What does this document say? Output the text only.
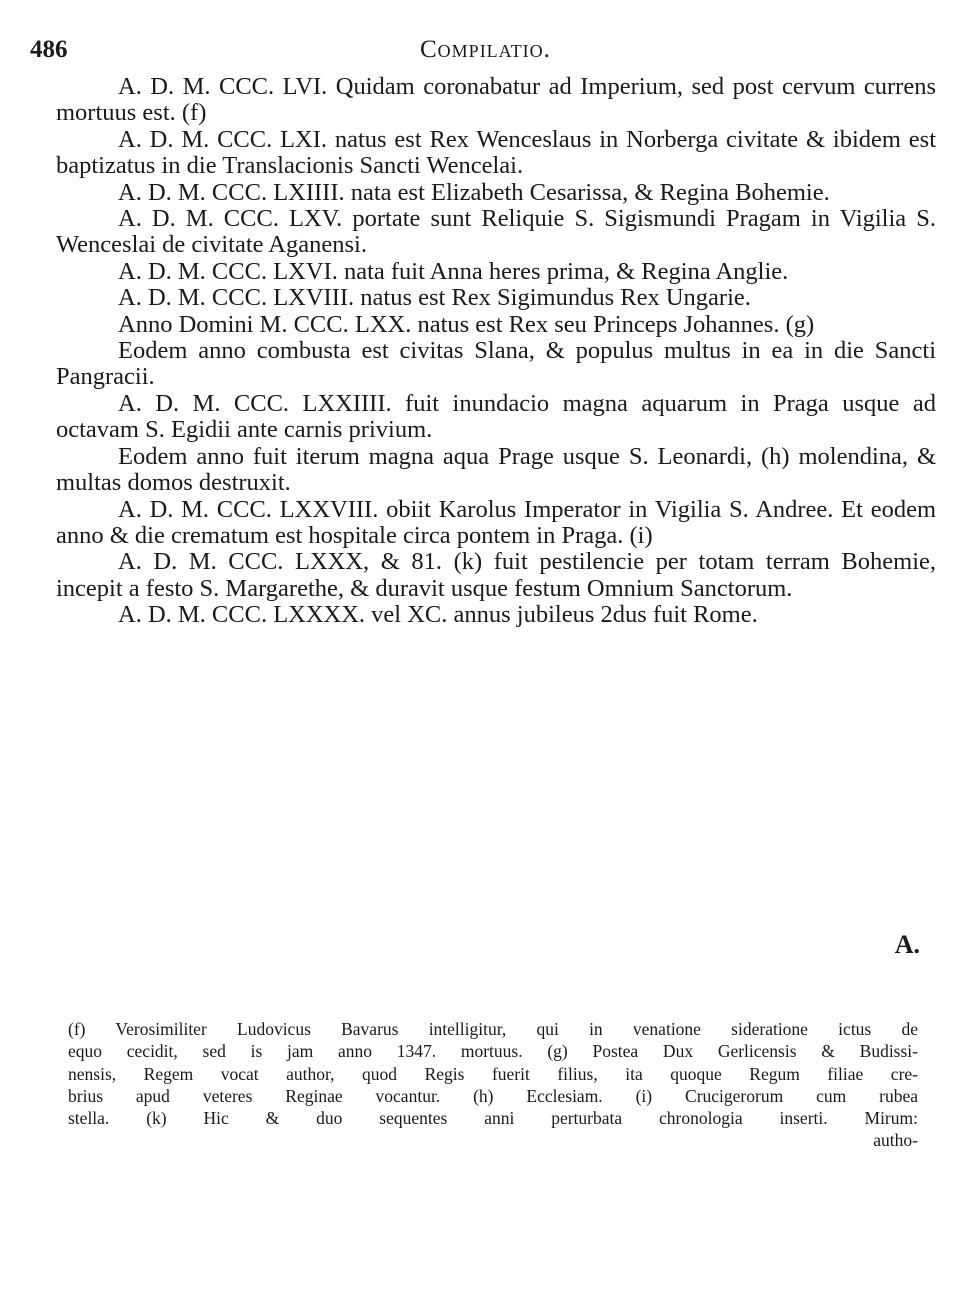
486	Compilatio.

A. D. M. CCC. LVI. Quidam coronabatur ad Imperium, sed post cervum currens mortuus est. (f)

A. D. M. CCC. LXI. natus est Rex Wenceslaus in Norberga civitate & ibidem est baptizatus in die Translacionis Sancti Wencelai.

A. D. M. CCC. LXIIII. nata est Elizabeth Cesarissa, & Regina Bohemie.

A. D. M. CCC. LXV. portate sunt Reliquie S. Sigismundi Pragam in Vigilia S. Wenceslai de civitate Aganensi.

A. D. M. CCC. LXVI. nata fuit Anna heres prima, & Regina Anglie.

A. D. M. CCC. LXVIII. natus est Rex Sigimundus Rex Ungarie.

Anno Domini M. CCC. LXX. natus est Rex seu Princeps Johannes. (g)

Eodem anno combusta est civitas Slana, & populus multus in ea in die Sancti Pangracii.

A. D. M. CCC. LXXIIII. fuit inundacio magna aquarum in Praga usque ad octavam S. Egidii ante carnis privium.

Eodem anno fuit iterum magna aqua Prage usque S. Leonardi, (h) molendina, & multas domos destruxit.

A. D. M. CCC. LXXVIII. obiit Karolus Imperator in Vigilia S. Andree. Et eodem anno & die crematum est hospitale circa pontem in Praga. (i)

A. D. M. CCC. LXXX, & 81. (k) fuit pestilencie per totam terram Bohemie, incepit a festo S. Margarethe, & duravit usque festum Omnium Sanctorum.

A. D. M. CCC. LXXXX. vel XC. annus jubileus 2dus fuit Rome.

A.
(f) Verosimiliter Ludovicus Bavarus intelligitur, qui in venatione sideratione ictus de
equo cecidit, sed is jam anno 1347. mortuus. (g) Postea Dux Gerlicensis & Budissi-
nensis, Regem vocat author, quod Regis fuerit filius, ita quoque Regum filiae cre-
brius apud veteres Reginae vocantur. (h) Ecclesiam. (i) Crucigerorum cum rubea
stella. (k) Hic & duo sequentes anni perturbata chronologia inserti. Mirum:
autho-
